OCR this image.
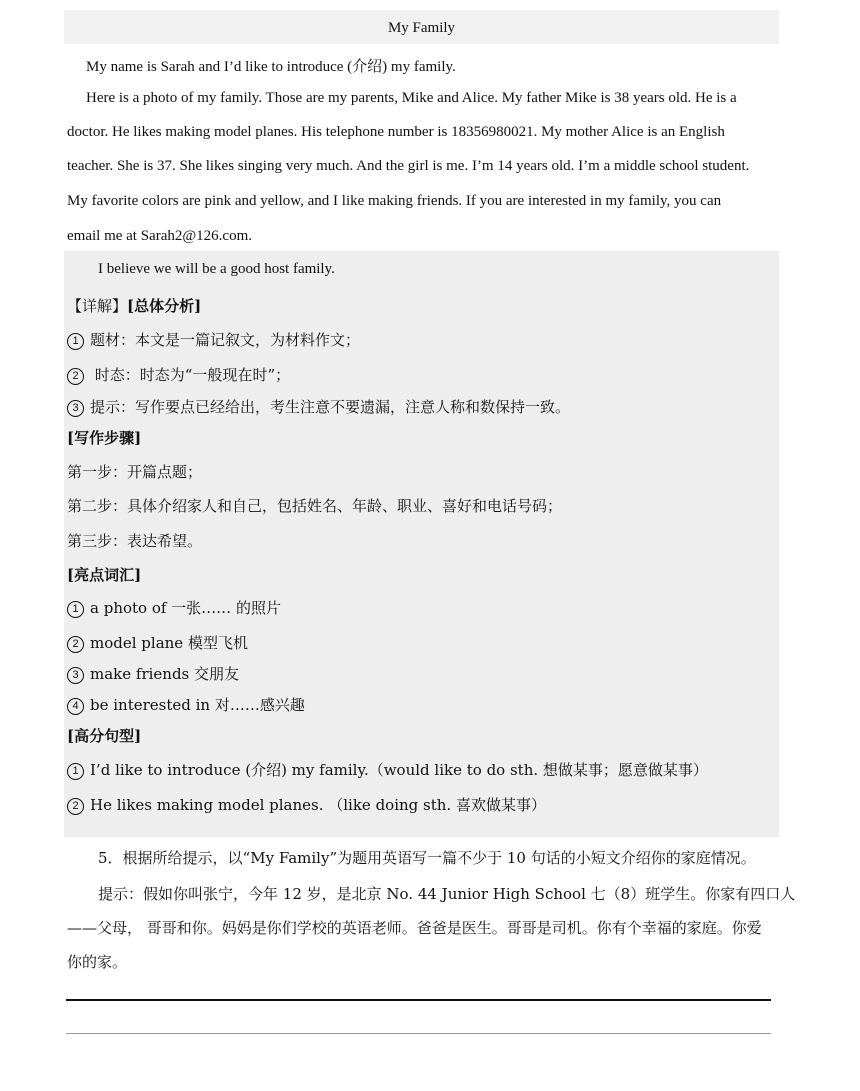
My Family
My name is Sarah and I’d like to introduce (介绍) my family.
Here is a photo of my family. Those are my parents, Mike and Alice. My father Mike is 38 years old. He is a
doctor. He likes making model planes. His telephone number is 18356980021. My mother Alice is an English
teacher. She is 37. She likes singing very much. And the girl is me. I’m 14 years old. I’m a middle school student.
My favorite colors are pink and yellow, and I like making friends. If you are interested in my family, you can
email me at Sarah2@126.com.
I believe we will be a good host family.
【详解】[总体分析]
1 题材：本文是一篇记叙文，为材料作文；
2 时态：时态为“一般现在时”；
3 提示：写作要点已经给出，考生注意不要遗漏，注意人称和数保持一致。
[写作步骤]
第一步：开篇点题；
第二步：具体介绍家人和自己，包括姓名、年龄、职业、喜好和电话号码；
第三步：表达希望。
[亮点词汇]
1 a photo of 一张…… 的照片
2 model plane 模型飞机
3 make friends 交朋友
4 be interested in 对……感兴趣
[高分句型]
1 I’d like to introduce (介绍) my family.（would like to do sth. 想做某事；愿意做某事）
2 He likes making model planes. （like doing sth. 喜欢做某事）
5．根据所给提示，以“My Family”为题用英语写一篇不少于 10 句话的小短文介绍你的家庭情况。
提示：假如你叫张宁，今年 12 岁，是北京 No. 44 Junior High School 七（8）班学生。你家有四口人
——父母， 哥哥和你。妈妈是你们学校的英语老师。爸爸是医生。哥哥是司机。你有个幸福的家庭。你爱
你的家。
